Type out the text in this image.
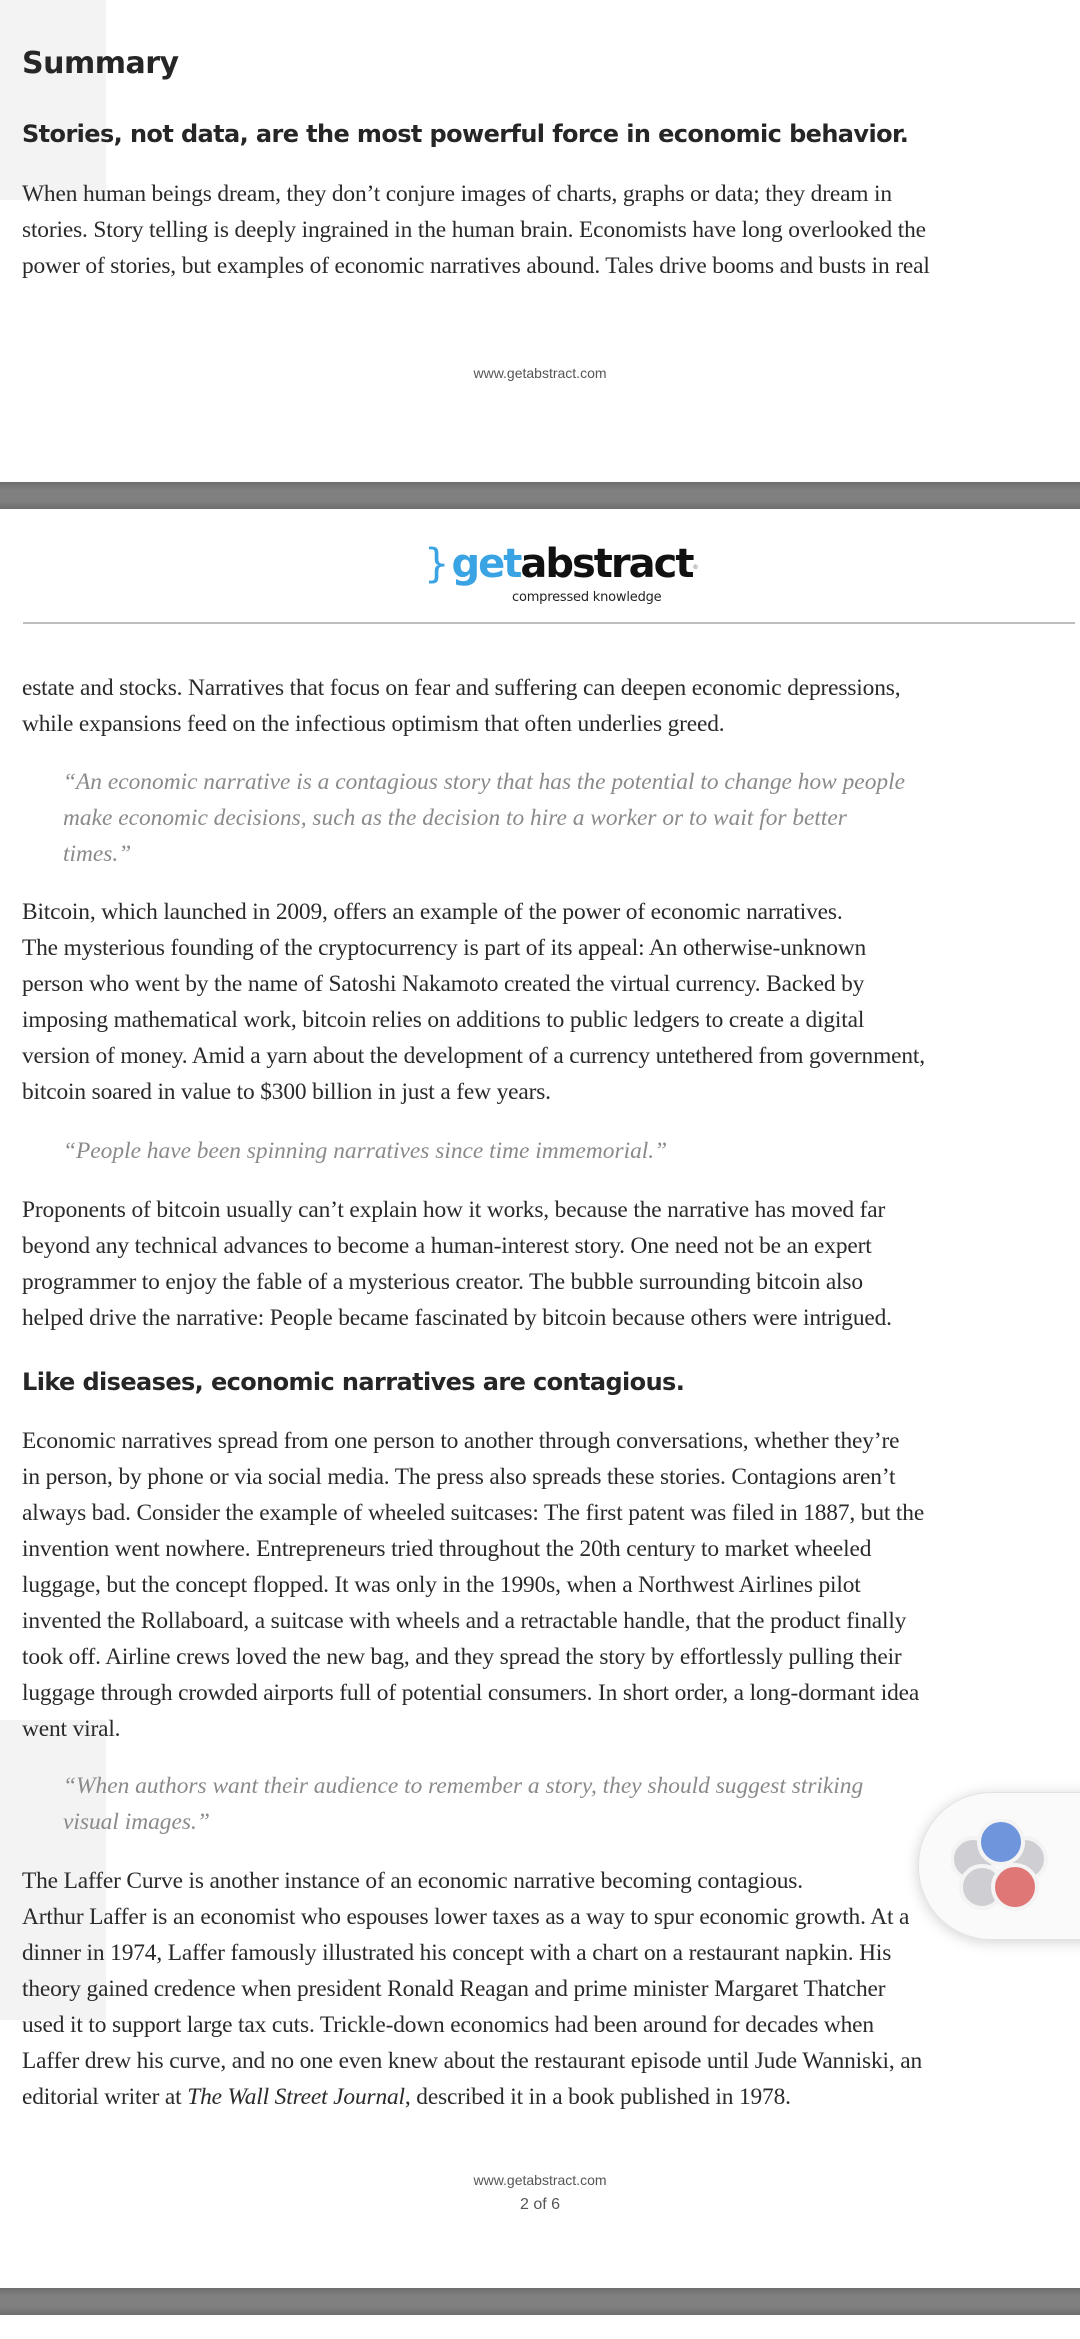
Summary
Stories, not data, are the most powerful force in economic behavior.

When human beings dream, they don’t conjure images of charts, graphs or data; they dream in
stories. Story telling is deeply ingrained in the human brain. Economists have long overlooked the
power of stories, but examples of economic narratives abound. Tales drive booms and busts in real

www.getabstract.com
} getabstract ®
compressed knowledge

estate and stocks. Narratives that focus on fear and suffering can deepen economic depressions,
while expansions feed on the infectious optimism that often underlies greed.

“An economic narrative is a contagious story that has the potential to change how people
make economic decisions, such as the decision to hire a worker or to wait for better
times.”

Bitcoin, which launched in 2009, offers an example of the power of economic narratives.
The mysterious founding of the cryptocurrency is part of its appeal: An otherwise-unknown
person who went by the name of Satoshi Nakamoto created the virtual currency. Backed by
imposing mathematical work, bitcoin relies on additions to public ledgers to create a digital
version of money. Amid a yarn about the development of a currency untethered from government,
bitcoin soared in value to $300 billion in just a few years.

“People have been spinning narratives since time immemorial.”

Proponents of bitcoin usually can’t explain how it works, because the narrative has moved far
beyond any technical advances to become a human-interest story. One need not be an expert
programmer to enjoy the fable of a mysterious creator. The bubble surrounding bitcoin also
helped drive the narrative: People became fascinated by bitcoin because others were intrigued.

Like diseases, economic narratives are contagious.

Economic narratives spread from one person to another through conversations, whether they’re
in person, by phone or via social media. The press also spreads these stories. Contagions aren’t
always bad. Consider the example of wheeled suitcases: The first patent was filed in 1887, but the
invention went nowhere. Entrepreneurs tried throughout the 20th century to market wheeled
luggage, but the concept flopped. It was only in the 1990s, when a Northwest Airlines pilot
invented the Rollaboard, a suitcase with wheels and a retractable handle, that the product finally
took off. Airline crews loved the new bag, and they spread the story by effortlessly pulling their
luggage through crowded airports full of potential consumers. In short order, a long-dormant idea
went viral.

“When authors want their audience to remember a story, they should suggest striking
visual images.”

The Laffer Curve is another instance of an economic narrative becoming contagious.
Arthur Laffer is an economist who espouses lower taxes as a way to spur economic growth. At a
dinner in 1974, Laffer famously illustrated his concept with a chart on a restaurant napkin. His
theory gained credence when president Ronald Reagan and prime minister Margaret Thatcher
used it to support large tax cuts. Trickle-down economics had been around for decades when
Laffer drew his curve, and no one even knew about the restaurant episode until Jude Wanniski, an
editorial writer at The Wall Street Journal, described it in a book published in 1978.

www.getabstract.com
2 of 6
